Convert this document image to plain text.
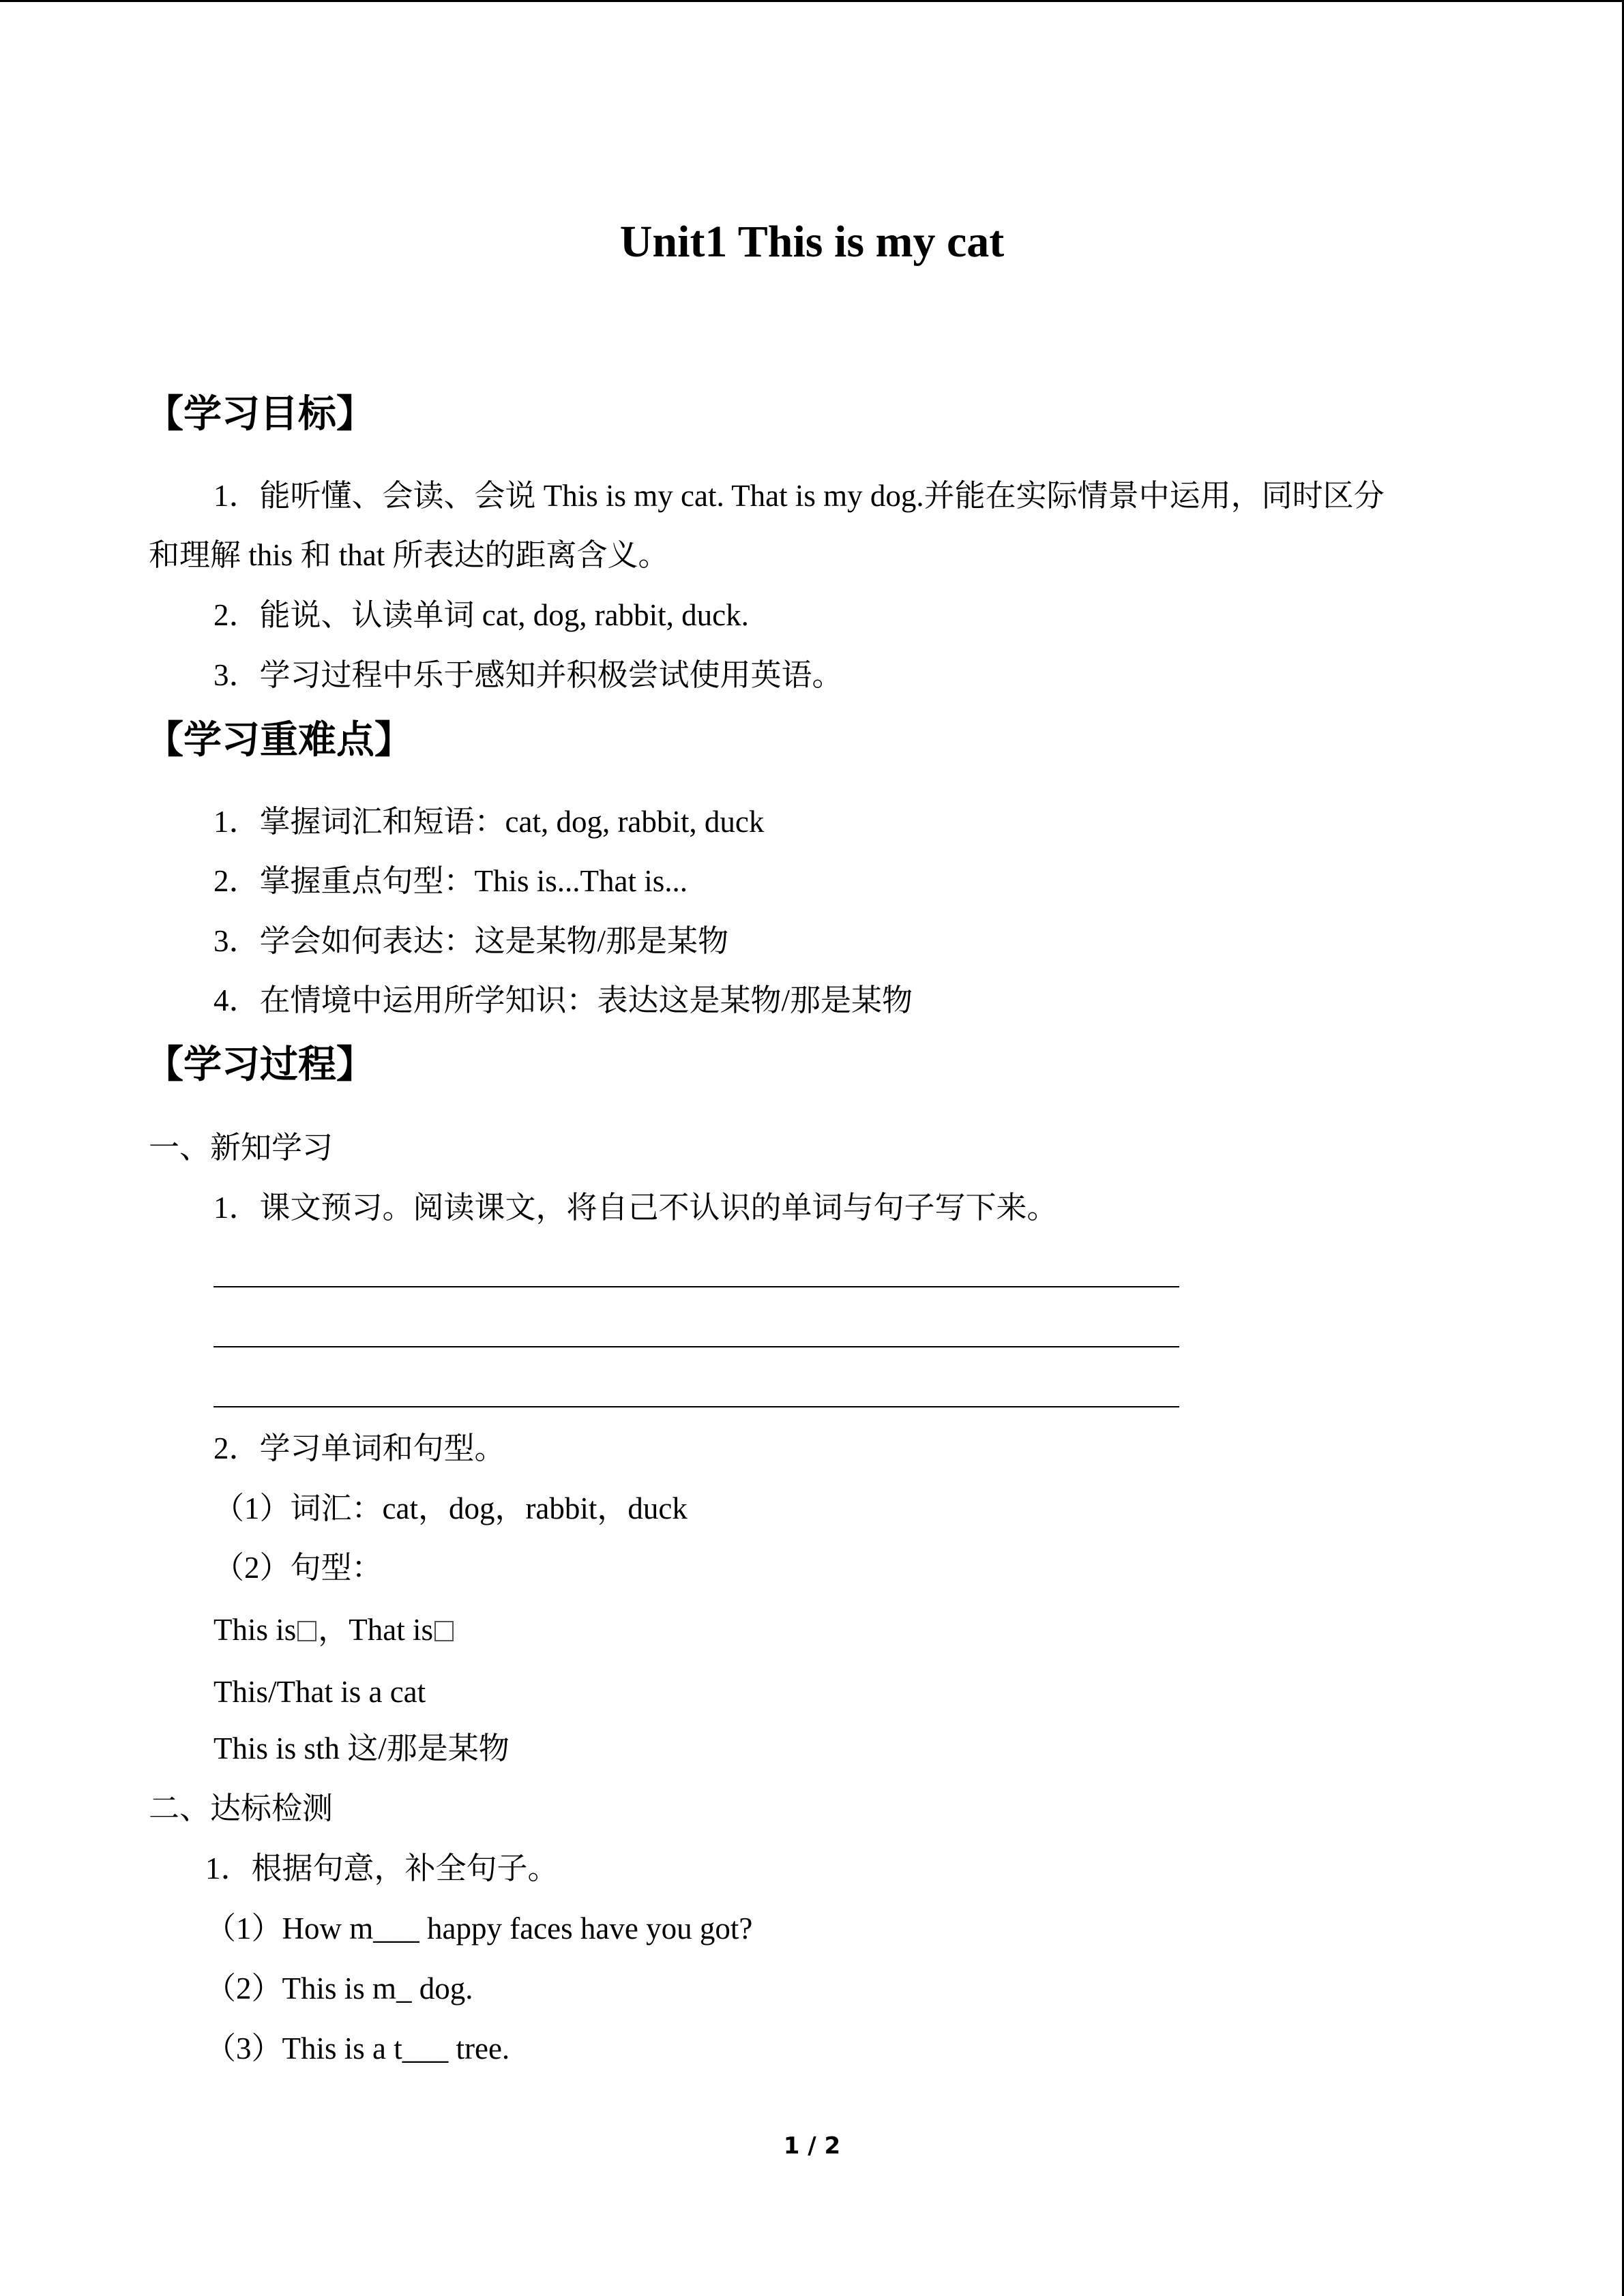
Unit1 This is my cat
【学习目标】
1．能听懂、会读、会说 This is my cat. That is my dog.并能在实际情景中运用，同时区分
和理解 this 和 that 所表达的距离含义。
2．能说、认读单词 cat, dog, rabbit, duck.
3．学习过程中乐于感知并积极尝试使用英语。
【学习重难点】
1．掌握词汇和短语：cat, dog, rabbit, duck
2．掌握重点句型：This is...That is...
3．学会如何表达：这是某物/那是某物
4．在情境中运用所学知识：表达这是某物/那是某物
【学习过程】
一、新知学习
1．课文预习。阅读课文，将自己不认识的单词与句子写下来。
2．学习单词和句型。
（1）词汇：cat，dog，rabbit，duck
（2）句型：
This is ，That is
This/That is a cat
This is sth 这/那是某物
二、达标检测
1．根据句意，补全句子。
（1）How m___ happy faces have you got?
（2）This is m_ dog.
（3）This is a t___ tree.
1 / 2
